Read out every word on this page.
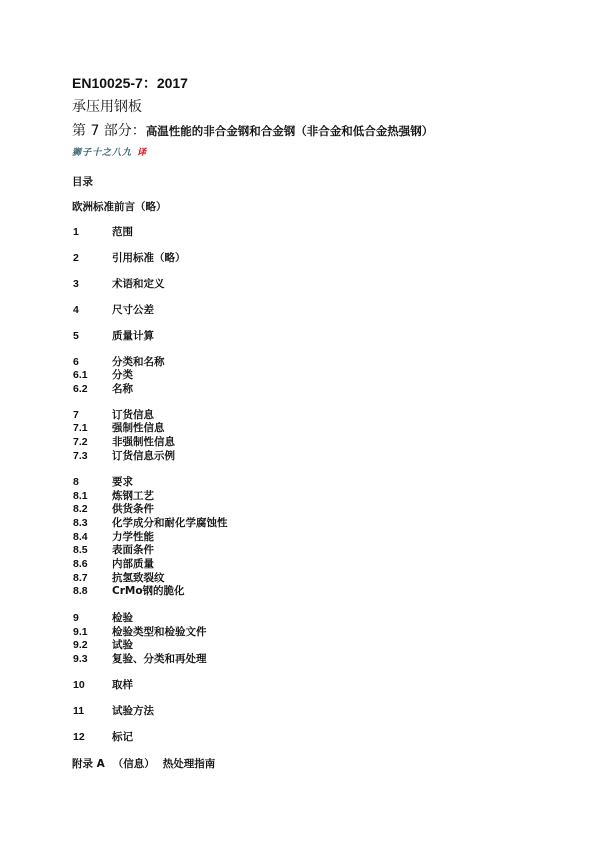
EN10025-7：2017
承压用钢板
第 7 部分：高温性能的非合金钢和合金钢（非合金和低合金热强钢）
狮子十之八九 译
目录
欧洲标准前言（略）
1	范围
2	引用标准（略）
3	术语和定义
4	尺寸公差
5	质量计算
6	分类和名称
6.1 分类
6.2 名称
7	订货信息
7.1 强制性信息
7.2 非强制性信息
7.3 订货信息示例
8	要求
8.1 炼钢工艺
8.2 供货条件
8.3 化学成分和耐化学腐蚀性
8.4 力学性能
8.5 表面条件
8.6 内部质量
8.7 抗氢致裂纹
8.8 CrMo钢的脆化
9	检验
9.1 检验类型和检验文件
9.2 试验
9.3 复验、分类和再处理
10	取样
11	试验方法
12	标记
附录 A （信息） 热处理指南
